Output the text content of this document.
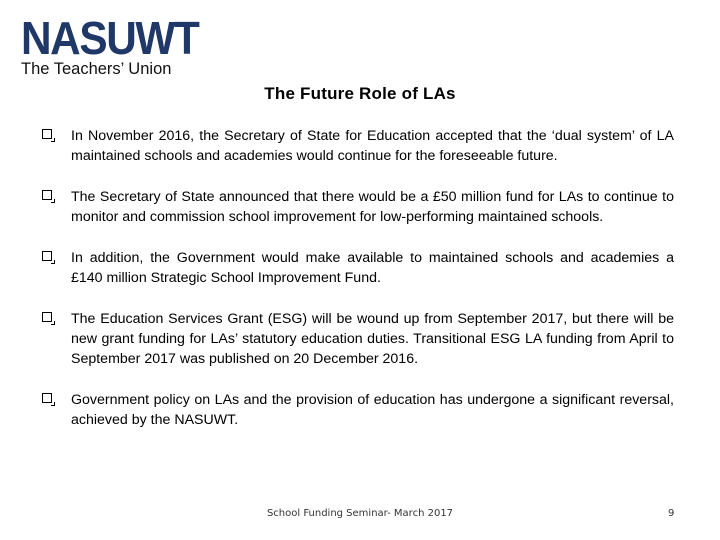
NASUWT
The Teachers’ Union
The Future Role of LAs
In November 2016, the Secretary of State for Education accepted that the ‘dual system’ of LA maintained schools and academies would continue for the foreseeable future.
The Secretary of State announced that there would be a £50 million fund for LAs to continue to monitor and commission school improvement for low-performing maintained schools.
In addition, the Government would make available to maintained schools and academies a £140 million Strategic School Improvement Fund.
The Education Services Grant (ESG) will be wound up from September 2017, but there will be new grant funding for LAs’ statutory education duties. Transitional ESG LA funding from April to September 2017 was published on 20 December 2016.
Government policy on LAs and the provision of education has undergone a significant reversal, achieved by the NASUWT.
School Funding Seminar- March 2017	9
